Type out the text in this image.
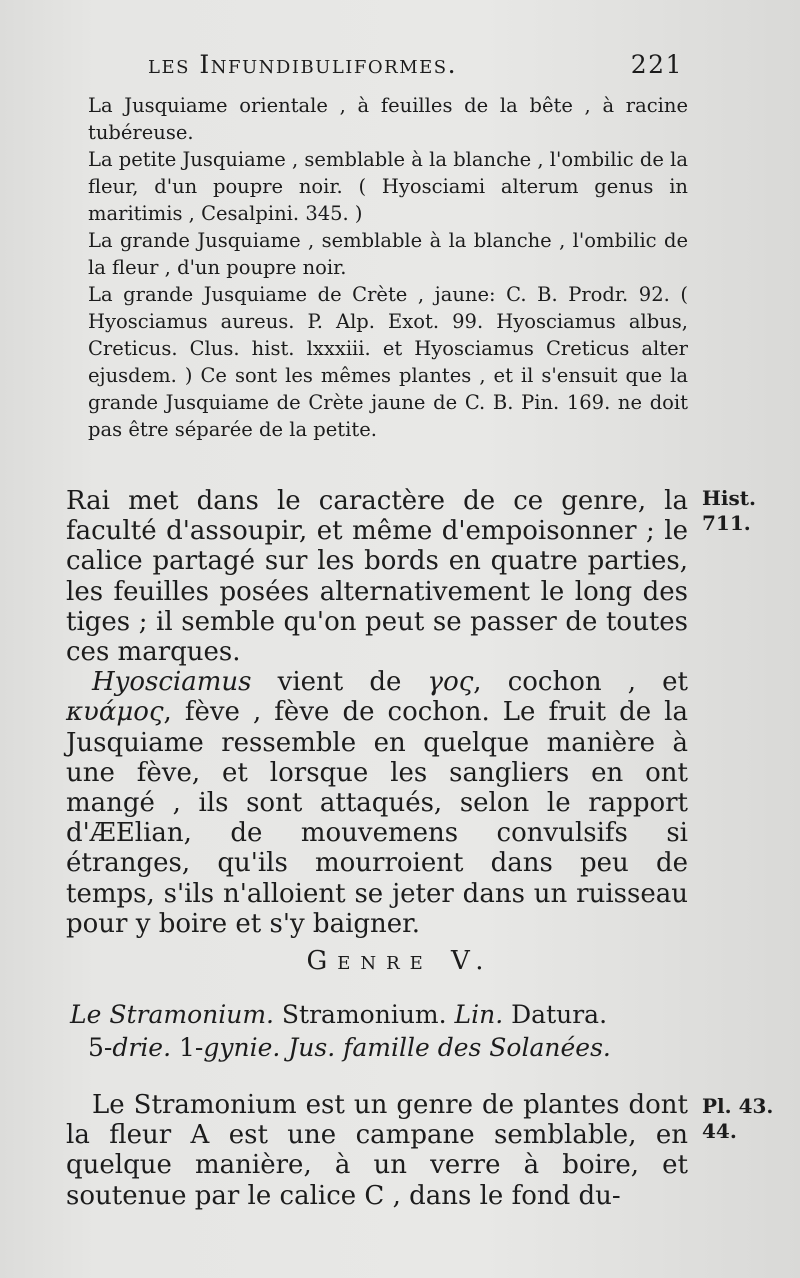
les Infundibuliformes.	221

La Jusquiame orientale , à feuilles de la bête , à racine tubéreuse.

La petite Jusquiame , semblable à la blanche , l'ombilic de la fleur, d'un poupre noir. ( Hyosciami alterum genus in maritimis , Cesalpini. 345. )

La grande Jusquiame , semblable à la blanche , l'ombilic de la fleur , d'un poupre noir.

La grande Jusquiame de Crète , jaune: C. B. Prodr. 92. ( Hyosciamus aureus. P. Alp. Exot. 99. Hyosciamus albus, Creticus. Clus. hist. lxxxiii. et Hyosciamus Creticus alter ejusdem. ) Ce sont les mêmes plantes , et il s'ensuit que la grande Jusquiame de Crète jaune de C. B. Pin. 169. ne doit pas être séparée de la petite.

Rai met dans le caractère de ce genre, la faculté d'assoupir, et même d'empoisonner ; le calice partagé sur les bords en quatre parties, les feuilles posées alternativement le long des tiges ; il semble qu'on peut se passer de toutes ces marques.

Hyosciamus vient de γος, cochon , et κυάμος, fève , fève de cochon. Le fruit de la Jusquiame ressemble en quelque manière à une fève, et lorsque les sangliers en ont mangé , ils sont attaqués, selon le rapport d'ÆElian, de mouvemens convulsifs si étranges, qu'ils mourroient dans peu de temps, s'ils n'alloient se jeter dans un ruisseau pour y boire et s'y baigner.

Genre V.
Le Stramonium. Stramonium. Lin. Datura.
5-drie. 1-gynie. Jus. famille des Solanées.

Le Stramonium est un genre de plantes dont la fleur A est une campane semblable, en quelque manière, à un verre à boire, et soutenue par le calice C , dans le fond du-

Hist.
711.
Pl. 43.
44.
